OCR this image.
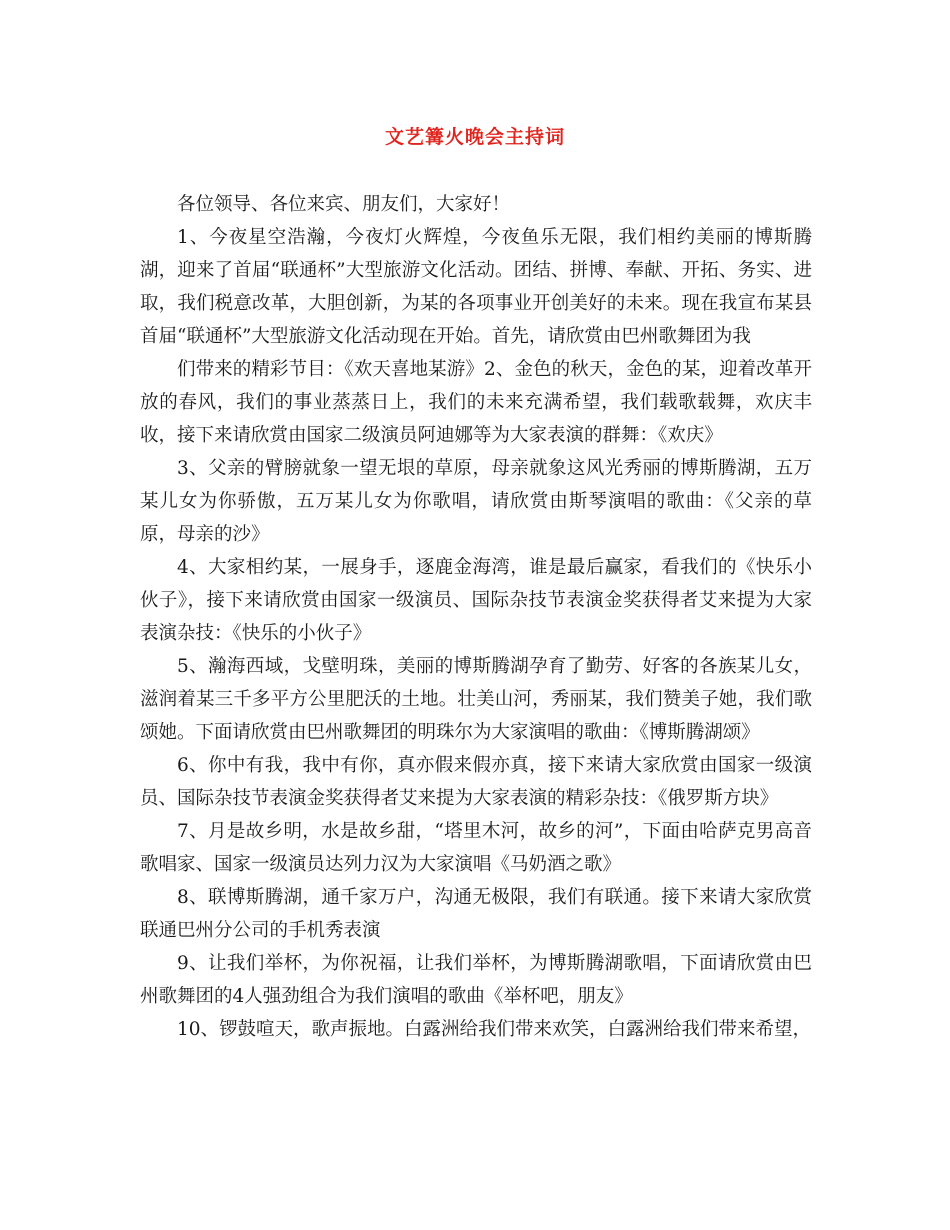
文艺篝火晚会主持词

各位领导、各位来宾、朋友们，大家好！

1、今夜星空浩瀚，今夜灯火辉煌，今夜鱼乐无限，我们相约美丽的博斯腾湖，迎来了首届“联通杯”大型旅游文化活动。团结、拼博、奉献、开拓、务实、进取，我们税意改革，大胆创新，为某的各项事业开创美好的未来。现在我宣布某县首届“联通杯”大型旅游文化活动现在开始。首先，请欣赏由巴州歌舞团为我

们带来的精彩节目：《欢天喜地某游》2、金色的秋天，金色的某，迎着改革开放的春风，我们的事业蒸蒸日上，我们的未来充满希望，我们载歌载舞，欢庆丰收，接下来请欣赏由国家二级演员阿迪娜等为大家表演的群舞：《欢庆》

3、父亲的臂膀就象一望无垠的草原，母亲就象这风光秀丽的博斯腾湖，五万某儿女为你骄傲，五万某儿女为你歌唱，请欣赏由斯琴演唱的歌曲：《父亲的草原，母亲的沙》

4、大家相约某，一展身手，逐鹿金海湾，谁是最后赢家，看我们的《快乐小伙子》，接下来请欣赏由国家一级演员、国际杂技节表演金奖获得者艾来提为大家表演杂技：《快乐的小伙子》

5、瀚海西域，戈壁明珠，美丽的博斯腾湖孕育了勤劳、好客的各族某儿女，滋润着某三千多平方公里肥沃的土地。壮美山河，秀丽某，我们赞美子她，我们歌颂她。下面请欣赏由巴州歌舞团的明珠尔为大家演唱的歌曲：《博斯腾湖颂》

6、你中有我，我中有你，真亦假来假亦真，接下来请大家欣赏由国家一级演员、国际杂技节表演金奖获得者艾来提为大家表演的精彩杂技：《俄罗斯方块》

7、月是故乡明，水是故乡甜，“塔里木河，故乡的河”，下面由哈萨克男高音歌唱家、国家一级演员达列力汉为大家演唱《马奶酒之歌》

8、联博斯腾湖，通千家万户，沟通无极限，我们有联通。接下来请大家欣赏联通巴州分公司的手机秀表演

9、让我们举杯，为你祝福，让我们举杯，为博斯腾湖歌唱，下面请欣赏由巴州歌舞团的4人强劲组合为我们演唱的歌曲《举杯吧，朋友》

10、锣鼓喧天，歌声振地。白露洲给我们带来欢笑，白露洲给我们带来希望，
